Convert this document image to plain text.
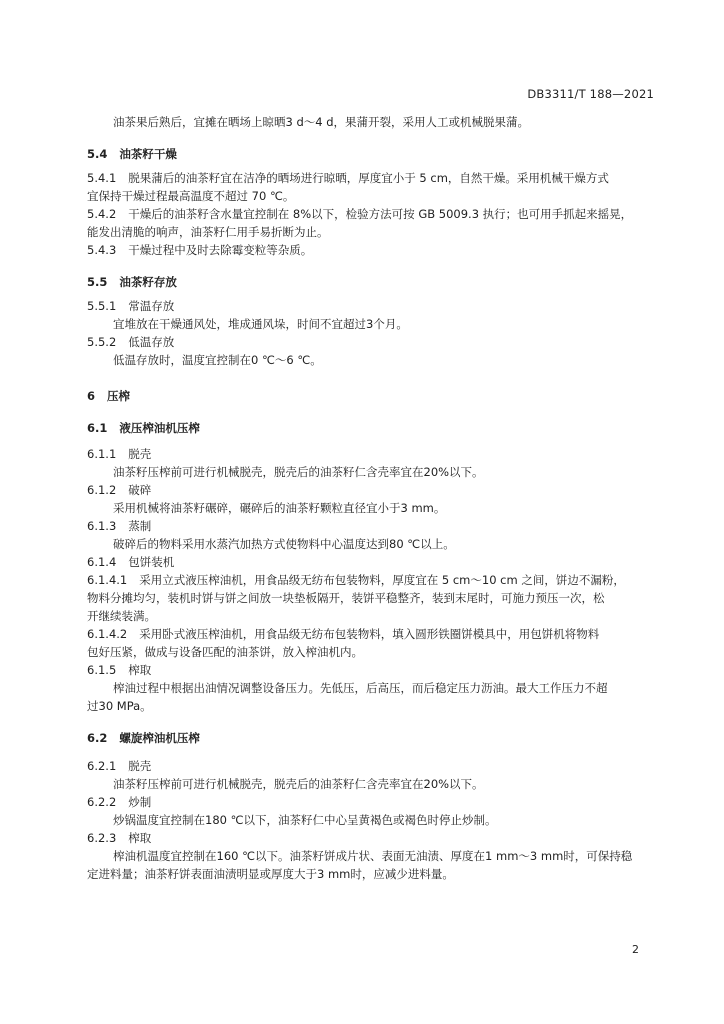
DB3311/T 188—2021
油茶果后熟后，宜摊在晒场上晾晒3 d～4 d，果蒲开裂，采用人工或机械脱果蒲。
5.4 油茶籽干燥
5.4.1 脱果蒲后的油茶籽宜在洁净的晒场进行晾晒，厚度宜小于 5 cm，自然干燥。采用机械干燥方式
宜保持干燥过程最高温度不超过 70 ℃。
5.4.2 干燥后的油茶籽含水量宜控制在 8%以下，检验方法可按 GB 5009.3 执行；也可用手抓起来摇晃，
能发出清脆的响声，油茶籽仁用手易折断为止。
5.4.3 干燥过程中及时去除霉变粒等杂质。
5.5 油茶籽存放
5.5.1 常温存放
宜堆放在干燥通风处，堆成通风垛，时间不宜超过3个月。
5.5.2 低温存放
低温存放时，温度宜控制在0 ℃～6 ℃。
6 压榨
6.1 液压榨油机压榨
6.1.1 脱壳
油茶籽压榨前可进行机械脱壳，脱壳后的油茶籽仁含壳率宜在20%以下。
6.1.2 破碎
采用机械将油茶籽碾碎，碾碎后的油茶籽颗粒直径宜小于3 mm。
6.1.3 蒸制
破碎后的物料采用水蒸汽加热方式使物料中心温度达到80 ℃以上。
6.1.4 包饼装机
6.1.4.1 采用立式液压榨油机，用食品级无纺布包装物料，厚度宜在 5 cm～10 cm 之间，饼边不漏粉，
物料分摊均匀，装机时饼与饼之间放一块垫板隔开，装饼平稳整齐，装到末尾时，可施力预压一次，松
开继续装满。
6.1.4.2 采用卧式液压榨油机，用食品级无纺布包装物料，填入圆形铁圈饼模具中，用包饼机将物料
包好压紧，做成与设备匹配的油茶饼，放入榨油机内。
6.1.5 榨取
榨油过程中根据出油情况调整设备压力。先低压，后高压，而后稳定压力沥油。最大工作压力不超
过30 MPa。
6.2 螺旋榨油机压榨
6.2.1 脱壳
油茶籽压榨前可进行机械脱壳，脱壳后的油茶籽仁含壳率宜在20%以下。
6.2.2 炒制
炒锅温度宜控制在180 ℃以下，油茶籽仁中心呈黄褐色或褐色时停止炒制。
6.2.3 榨取
榨油机温度宜控制在160 ℃以下。油茶籽饼成片状、表面无油渍、厚度在1 mm～3 mm时，可保持稳
定进料量；油茶籽饼表面油渍明显或厚度大于3 mm时，应减少进料量。
2
